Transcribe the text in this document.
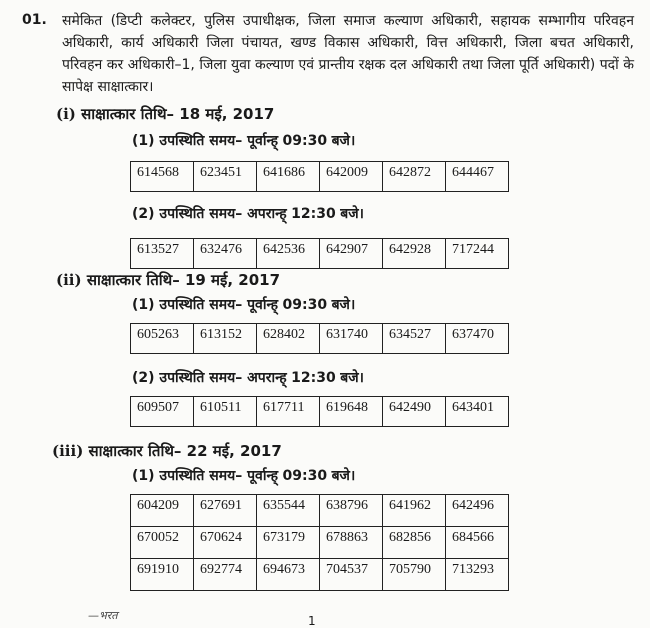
01. समेकित (डिप्टी कलेक्टर, पुलिस उपाधीक्षक, जिला समाज कल्याण अधिकारी, सहायक सम्भागीय परिवहन अधिकारी, कार्य अधिकारी जिला पंचायत, खण्ड विकास अधिकारी, वित्त अधिकारी, जिला बचत अधिकारी, परिवहन कर अधिकारी–1, जिला युवा कल्याण एवं प्रान्तीय रक्षक दल अधिकारी तथा जिला पूर्ति अधिकारी) पदों के सापेक्ष साक्षात्कार।
(i) साक्षात्कार तिथि– 18 मई, 2017
(1) उपस्थिति समय– पूर्वान्ह् 09:30 बजे।
614568	623451	641686	642009	642872	644467
(2) उपस्थिति समय– अपरान्ह् 12:30 बजे।
613527	632476	642536	642907	642928	717244
(ii) साक्षात्कार तिथि– 19 मई, 2017
(1) उपस्थिति समय– पूर्वान्ह् 09:30 बजे।
605263	613152	628402	631740	634527	637470
(2) उपस्थिति समय– अपरान्ह् 12:30 बजे।
609507	610511	617711	619648	642490	643401
(iii) साक्षात्कार तिथि– 22 मई, 2017
(1) उपस्थिति समय– पूर्वान्ह् 09:30 बजे।
604209	627691	635544	638796	641962	642496
670052	670624	673179	678863	682856	684566
691910	692774	694673	704537	705790	713293
—भरत	1
